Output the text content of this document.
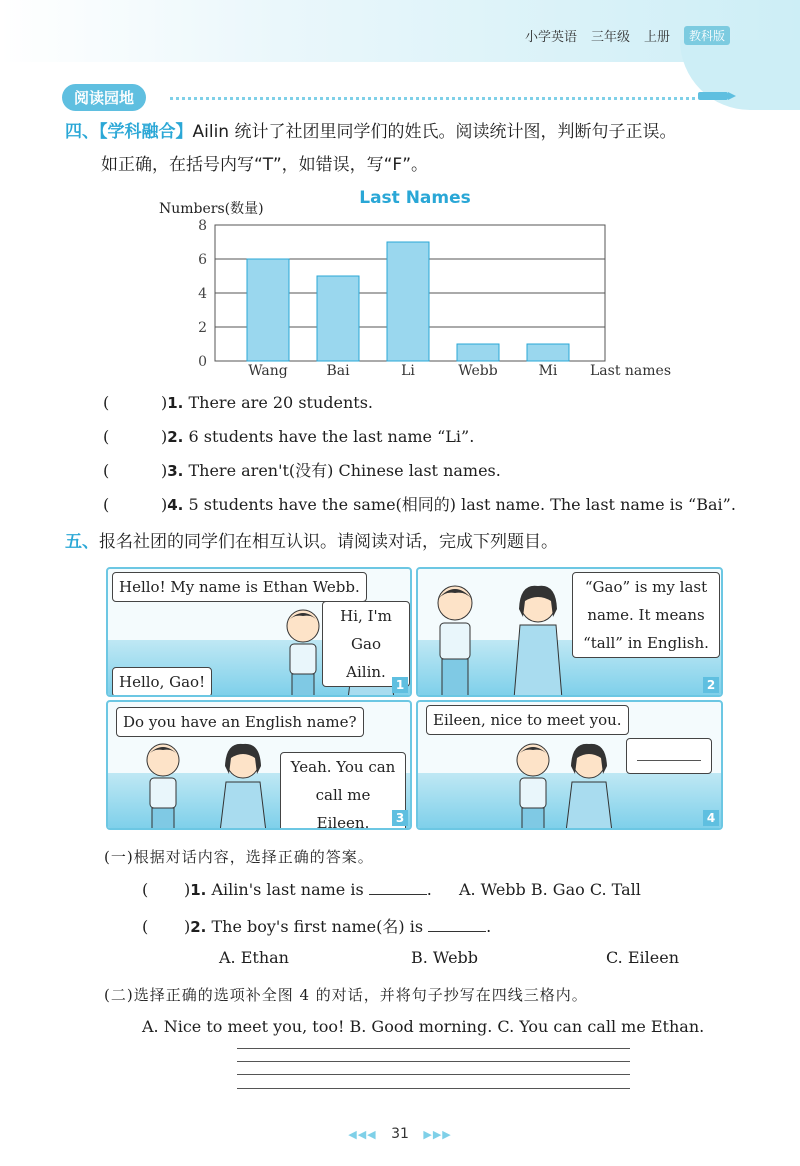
小学英语 三年级 上册	教科版
阅读园地
四、【学科融合】Ailin 统计了社团里同学们的姓氏。阅读统计图，判断句子正误。
如正确，在括号内写“T”，如错误，写“F”。
Last Names
Numbers(数量)
0
2
4
6
8
Wang	Bai	Li	Webb	Mi Last names
(	)1. There are 20 students.
(	)2. 6 students have the last name “Li”.
(	)3. There aren't(没有) Chinese last names.
(	)4. 5 students have the same(相同的) last name. The last name is “Bai”.
五、报名社团的同学们在相互认识。请阅读对话，完成下列题目。
Hello! My name is Ethan Webb.
Hi, I'm
Gao Ailin.
Hello, Gao!	1
“Gao” is my last
name. It means
“tall” in English.
2
Do you have an English name?
Yeah. You can
call me Eileen.	3
Eileen, nice to meet you.
4
(一)根据对话内容，选择正确的答案。
( )1. Ailin's last name is	. A. Webb B. Gao C. Tall
( )2. The boy's first name(名) is	.
A. Ethan	B. Webb	C. Eileen
(二)选择正确的选项补全图 4 的对话，并将句子抄写在四线三格内。
A. Nice to meet you, too! B. Good morning. C. You can call me Ethan.
◀◀◀ 31 ▶▶▶
